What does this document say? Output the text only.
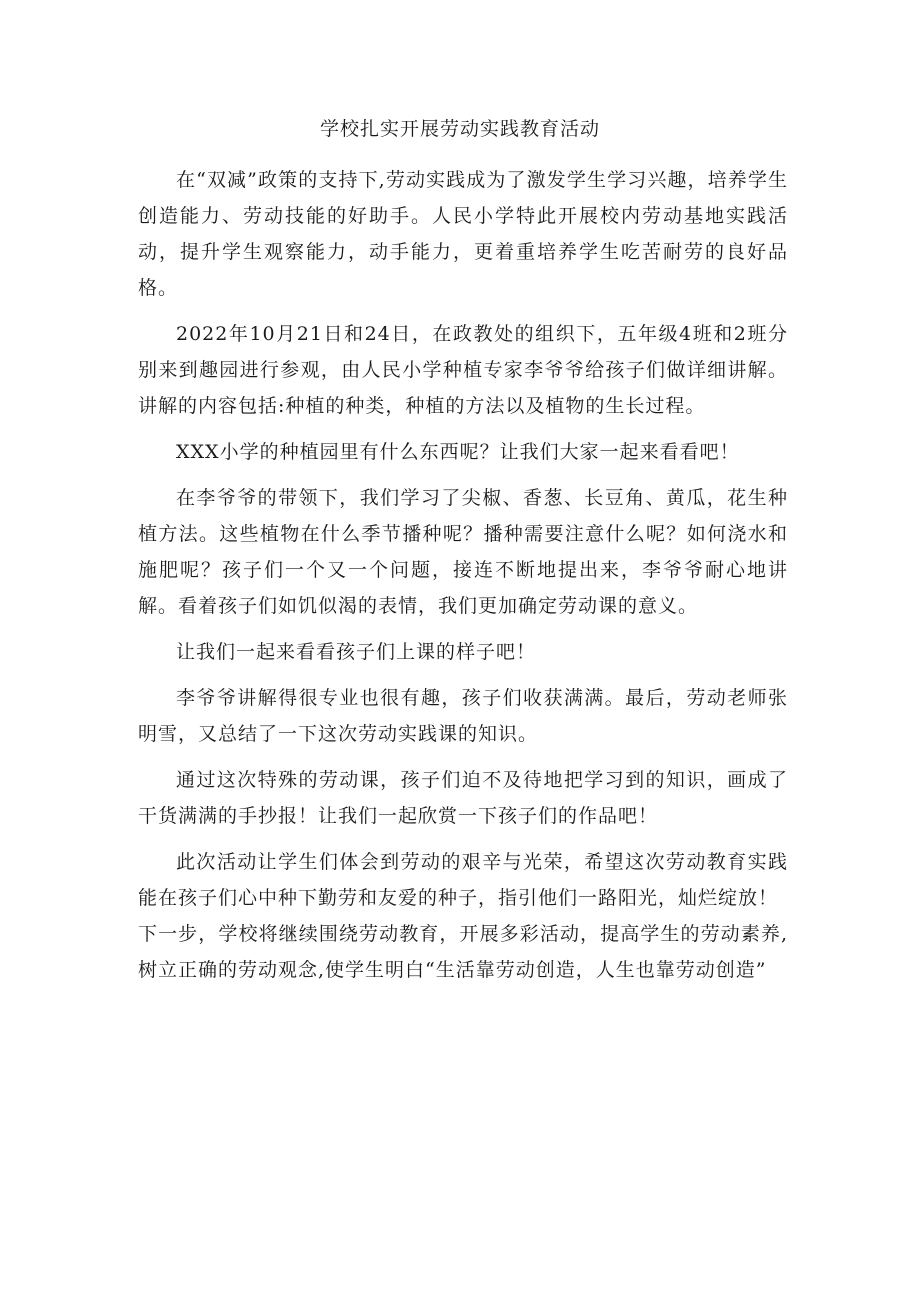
学校扎实开展劳动实践教育活动

在“双减”政策的支持下,劳动实践成为了激发学生学习兴趣，培养学生创造能力、劳动技能的好助手。人民小学特此开展校内劳动基地实践活动，提升学生观察能力，动手能力，更着重培养学生吃苦耐劳的良好品格。

2022年10月21日和24日，在政教处的组织下，五年级4班和2班分别来到趣园进行参观，由人民小学种植专家李爷爷给孩子们做详细讲解。讲解的内容包括:种植的种类，种植的方法以及植物的生长过程。

XXX小学的种植园里有什么东西呢？让我们大家一起来看看吧！

在李爷爷的带领下，我们学习了尖椒、香葱、长豆角、黄瓜，花生种植方法。这些植物在什么季节播种呢？播种需要注意什么呢？如何浇水和施肥呢？孩子们一个又一个问题，接连不断地提出来，李爷爷耐心地讲解。看着孩子们如饥似渴的表情，我们更加确定劳动课的意义。

让我们一起来看看孩子们上课的样子吧！

李爷爷讲解得很专业也很有趣，孩子们收获满满。最后，劳动老师张明雪，又总结了一下这次劳动实践课的知识。

通过这次特殊的劳动课，孩子们迫不及待地把学习到的知识，画成了干货满满的手抄报！让我们一起欣赏一下孩子们的作品吧！

此次活动让学生们体会到劳动的艰辛与光荣，希望这次劳动教育实践能在孩子们心中种下勤劳和友爱的种子，指引他们一路阳光，灿烂绽放！

下一步，学校将继续围绕劳动教育，开展多彩活动，提高学生的劳动素养,树立正确的劳动观念,使学生明白“生活靠劳动创造，人生也靠劳动创造”
